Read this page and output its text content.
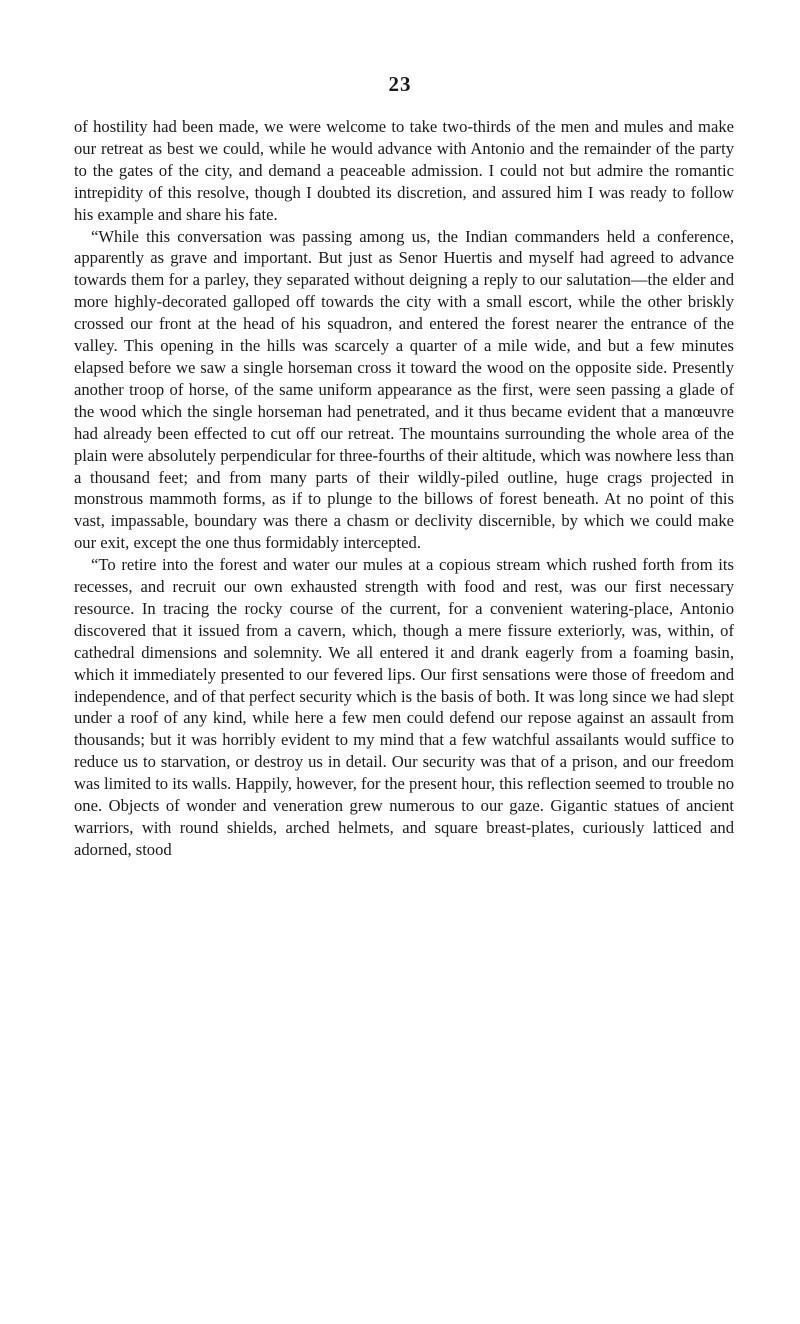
23

of hostility had been made, we were welcome to take two-thirds of the men and mules and make our retreat as best we could, while he would advance with Antonio and the remainder of the party to the gates of the city, and demand a peaceable admission. I could not but admire the romantic intrepidity of this resolve, though I doubted its discretion, and assured him I was ready to follow his example and share his fate.

“While this conversation was passing among us, the Indian commanders held a conference, apparently as grave and important. But just as Senor Huertis and myself had agreed to advance towards them for a parley, they separated without deigning a reply to our salutation—the elder and more highly-decorated galloped off towards the city with a small escort, while the other briskly crossed our front at the head of his squadron, and entered the forest nearer the entrance of the valley. This opening in the hills was scarcely a quarter of a mile wide, and but a few minutes elapsed before we saw a single horseman cross it toward the wood on the opposite side. Presently another troop of horse, of the same uniform appearance as the first, were seen passing a glade of the wood which the single horseman had penetrated, and it thus became evident that a manœuvre had already been effected to cut off our retreat. The mountains surrounding the whole area of the plain were absolutely perpendicular for three-fourths of their altitude, which was nowhere less than a thousand feet; and from many parts of their wildly-piled outline, huge crags projected in monstrous mammoth forms, as if to plunge to the billows of forest beneath. At no point of this vast, impassable, boundary was there a chasm or declivity discernible, by which we could make our exit, except the one thus formidably intercepted.

“To retire into the forest and water our mules at a copious stream which rushed forth from its recesses, and recruit our own exhausted strength with food and rest, was our first necessary resource. In tracing the rocky course of the current, for a convenient watering-place, Antonio discovered that it issued from a cavern, which, though a mere fissure exteriorly, was, within, of cathedral dimensions and solemnity. We all entered it and drank eagerly from a foaming basin, which it immediately presented to our fevered lips. Our first sensations were those of freedom and independence, and of that perfect security which is the basis of both. It was long since we had slept under a roof of any kind, while here a few men could defend our repose against an assault from thousands; but it was horribly evident to my mind that a few watchful assailants would suffice to reduce us to starvation, or destroy us in detail. Our security was that of a prison, and our freedom was limited to its walls. Happily, however, for the present hour, this reflection seemed to trouble no one. Objects of wonder and veneration grew numerous to our gaze. Gigantic statues of ancient warriors, with round shields, arched helmets, and square breast-plates, curiously latticed and adorned, stood
